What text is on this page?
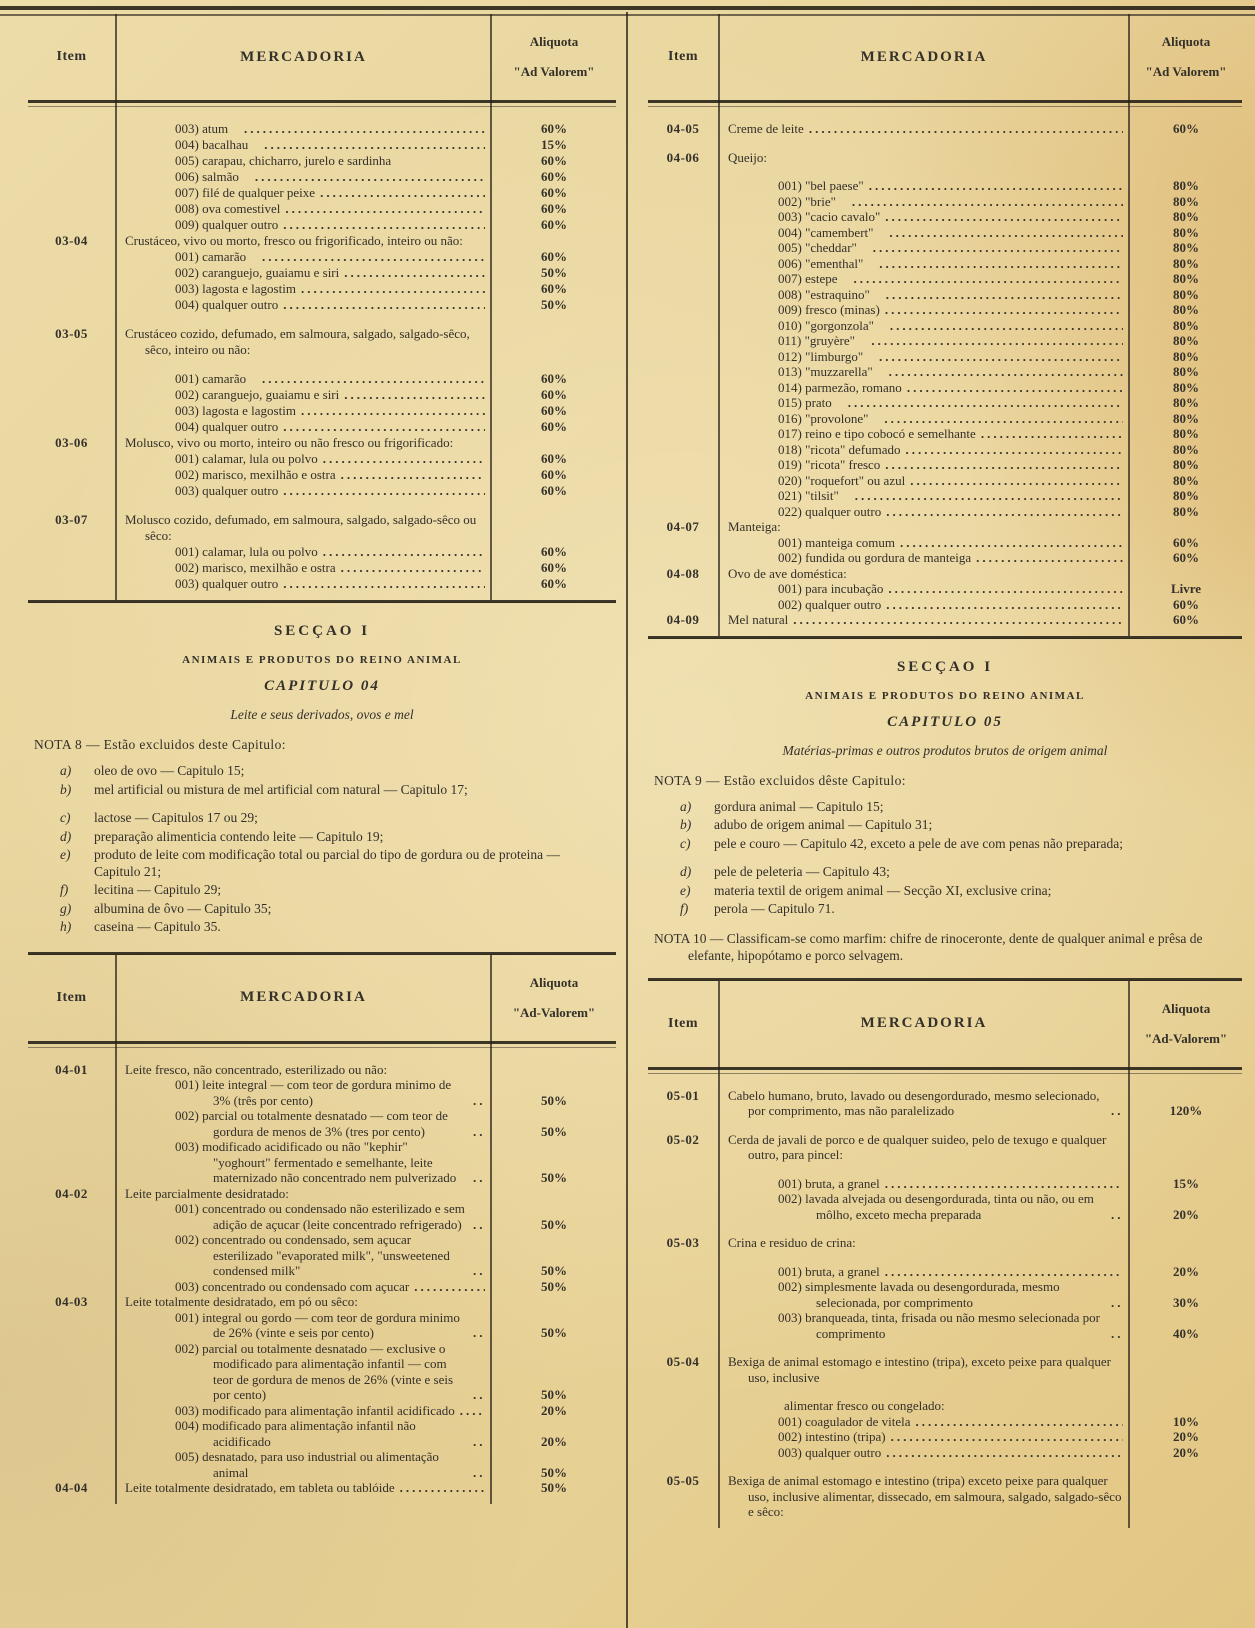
Item	MERCADORIA
Aliquota
"Ad Valorem"
003) atum .....	60%
004) bacalhau .....	15%
005) carapau, chicharro, jurelo e sardinha	60%
006) salmão .....	60%
007) filé de qualquer peixe .....	60%
008) ova comestivel .....	60%
009) qualquer outro .....	60%
03-04	Crustáceo, vivo ou morto, fresco ou frigorificado, inteiro ou não:
001) camarão .....	60%
002) caranguejo, guaiamu e siri .....	50%
003) lagosta e lagostim .....	60%
004) qualquer outro .....	50%
03-05	Crustáceo cozido, defumado, em salmoura, salgado, salgado-sêco, sêco, inteiro ou não:
001) camarão .....	60%
002) caranguejo, guaiamu e siri .....	60%
003) lagosta e lagostim .....	60%
004) qualquer outro .....	60%
03-06	Molusco, vivo ou morto, inteiro ou não fresco ou frigorificado:
001) calamar, lula ou polvo .....	60%
002) marisco, mexilhão e ostra .....	60%
003) qualquer outro .....	60%
03-07	Molusco cozido, defumado, em salmoura, salgado, salgado-sêco ou sêco:
001) calamar, lula ou polvo .....	60%
002) marisco, mexilhão e ostra .....	60%
003) qualquer outro .....	60%
SECÇAO I
ANIMAIS E PRODUTOS DO REINO ANIMAL
CAPITULO 04
Leite e seus derivados, ovos e mel
NOTA 8 — Estão excluidos deste Capitulo:
a)	oleo de ovo — Capitulo 15;
b)	mel artificial ou mistura de mel artificial com natural — Capitulo 17;
c)	lactose — Capitulos 17 ou 29;
d)	preparação alimenticia contendo leite — Capitulo 19;
e)	produto de leite com modificação total ou parcial do tipo de gordura ou de proteina — Capitulo 21;
f)	lecitina — Capitulo 29;
g)	albumina de ôvo — Capitulo 35;
h)	caseina — Capitulo 35.
Item	MERCADORIA
Aliquota
"Ad-Valorem"
04-01	Leite fresco, não concentrado, esterilizado ou não:
001) leite integral — com teor de gordura minimo de 3% (três por cento) .....	50%
002) parcial ou totalmente desnatado — com teor de gordura de menos de 3% (tres por cento) .....	50%
003) modificado acidificado ou não "kephir" "yoghourt" fermentado e semelhante, leite maternizado não concentrado nem pulverizado .....	50%
04-02	Leite parcialmente desidratado:
001) concentrado ou condensado não esterilizado e sem adição de açucar (leite concentrado refrigerado) .....	50%
002) concentrado ou condensado, sem açucar esterilizado "evaporated milk", "unsweetened condensed milk" .....	50%
003) concentrado ou condensado com açucar .....	50%
04-03	Leite totalmente desidratado, em pó ou sêco:
001) integral ou gordo — com teor de gordura minimo de 26% (vinte e seis por cento) .....	50%
002) parcial ou totalmente desnatado — exclusive o modificado para alimentação infantil — com teor de gordura de menos de 26% (vinte e seis por cento) .....	50%
003) modificado para alimentação infantil acidificado .....	20%
004) modificado para alimentação infantil não acidificado .....	20%
005) desnatado, para uso industrial ou alimentação animal .....	50%
04-04	Leite totalmente desidratado, em tableta ou tablóide .....	50%
Item	MERCADORIA
Aliquota
"Ad Valorem"
04-05	Creme de leite .....	60%
04-06	Queijo:
001) "bel paese" .....	80%
002) "brie" .....	80%
003) "cacio cavalo" .....	80%
004) "camembert" .....	80%
005) "cheddar" .....	80%
006) "ementhal" .....	80%
007) estepe .....	80%
008) "estraquino" .....	80%
009) fresco (minas) .....	80%
010) "gorgonzola" .....	80%
011) "gruyère" .....	80%
012) "limburgo" .....	80%
013) "muzzarella" .....	80%
014) parmezão, romano .....	80%
015) prato .....	80%
016) "provolone" .....	80%
017) reino e tipo cobocó e semelhante .....	80%
018) "ricota" defumado .....	80%
019) "ricota" fresco .....	80%
020) "roquefort" ou azul .....	80%
021) "tilsit" .....	80%
022) qualquer outro .....	80%
04-07	Manteiga:
001) manteiga comum .....	60%
002) fundida ou gordura de manteiga .....	60%
04-08	Ovo de ave doméstica:
001) para incubação .....	Livre
002) qualquer outro .....	60%
04-09	Mel natural .....	60%
SECÇAO I
ANIMAIS E PRODUTOS DO REINO ANIMAL
CAPITULO 05
Matérias-primas e outros produtos brutos de origem animal
NOTA 9 — Estão excluidos dêste Capitulo:
a)	gordura animal — Capitulo 15;
b)	adubo de origem animal — Capitulo 31;
c)	pele e couro — Capitulo 42, exceto a pele de ave com penas não preparada;
d)	pele de peleteria — Capitulo 43;
e)	materia textil de origem animal — Secção XI, exclusive crina;
f)	perola — Capitulo 71.
NOTA 10 — Classificam-se como marfim: chifre de rinoceronte, dente de qualquer animal e prêsa de elefante, hipopótamo e porco selvagem.
Item	MERCADORIA
Aliquota
"Ad-Valorem"
05-01	Cabelo humano, bruto, lavado ou desengordurado, mesmo selecionado, por comprimento, mas não paralelizado .....	120%
05-02	Cerda de javali de porco e de qualquer suideo, pelo de texugo e qualquer outro, para pincel:
001) bruta, a granel .....	15%
002) lavada alvejada ou desengordurada, tinta ou não, ou em môlho, exceto mecha preparada .....	20%
05-03	Crina e residuo de crina:
001) bruta, a granel .....	20%
002) simplesmente lavada ou desengordurada, mesmo selecionada, por comprimento .....	30%
003) branqueada, tinta, frisada ou não mesmo selecionada por comprimento .....	40%
05-04	Bexiga de animal estomago e intestino (tripa), exceto peixe para qualquer uso, inclusive
alimentar fresco ou congelado:
001) coagulador de vitela .....	10%
002) intestino (tripa) .....	20%
003) qualquer outro .....	20%
05-05	Bexiga de animal estomago e intestino (tripa) exceto peixe para qualquer uso, inclusive alimentar, dissecado, em salmoura, salgado, salgado-sêco e sêco:
